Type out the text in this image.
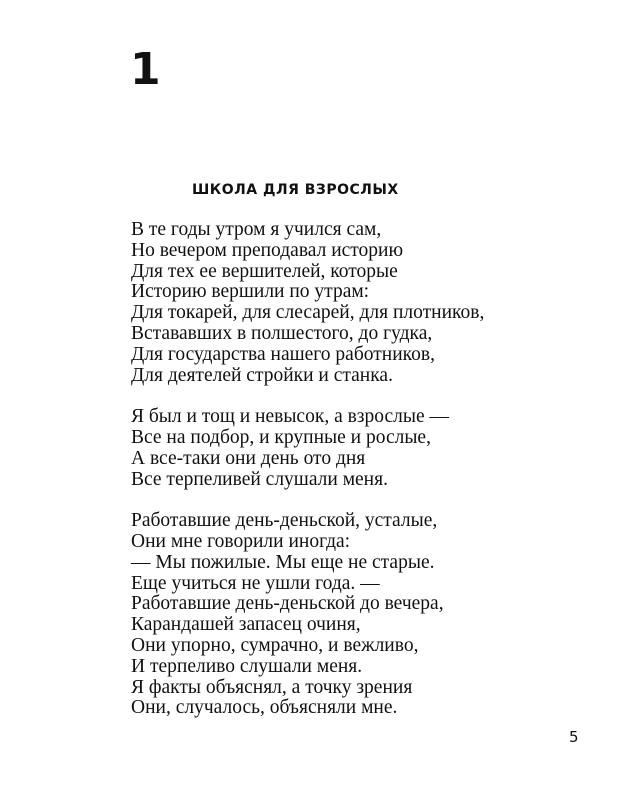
1
ШКОЛА ДЛЯ ВЗРОСЛЫХ

В те годы утром я учился сам,
Но вечером преподавал историю
Для тех ее вершителей, которые
Историю вершили по утрам:
Для токарей, для слесарей, для плотников,
Встававших в полшестого, до гудка,
Для государства нашего работников,
Для деятелей стройки и станка.

Я был и тощ и невысок, а взрослые —
Все на подбор, и крупные и рослые,
А все-таки они день ото дня
Все терпеливей слушали меня.

Работавшие день-деньской, усталые,
Они мне говорили иногда:
— Мы пожилые. Мы еще не старые.
Еще учиться не ушли года. —
Работавшие день-деньской до вечера,
Карандашей запасец очиня,
Они упорно, сумрачно, и вежливо,
И терпеливо слушали меня.
Я факты объяснял, а точку зрения
Они, случалось, объясняли мне.

5
